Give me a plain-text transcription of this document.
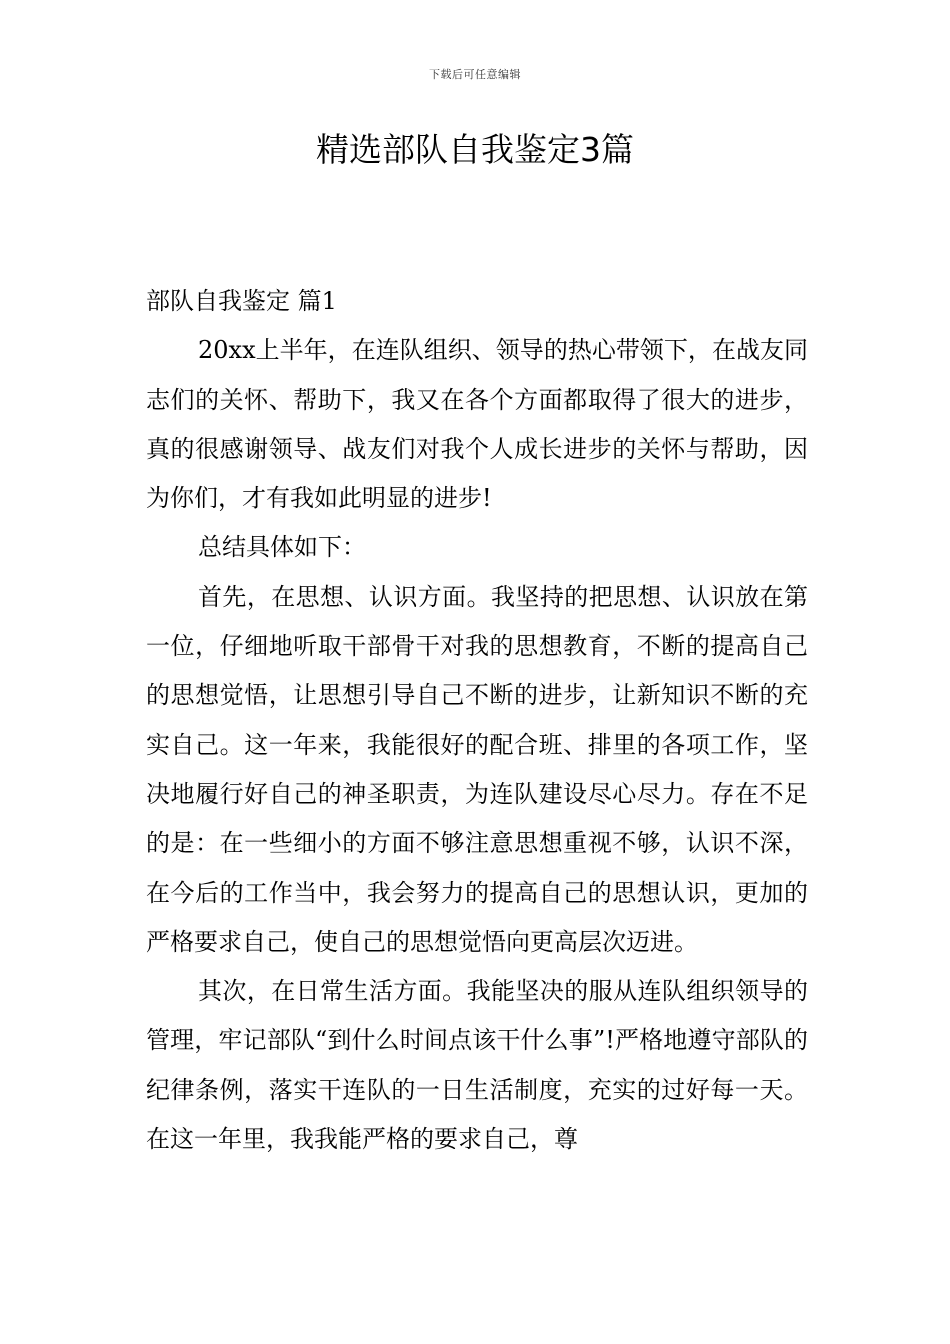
下载后可任意编辑
精选部队自我鉴定3篇

部队自我鉴定 篇1

20xx上半年，在连队组织、领导的热心带领下，在战友同志们的关怀、帮助下，我又在各个方面都取得了很大的进步，真的很感谢领导、战友们对我个人成长进步的关怀与帮助，因为你们，才有我如此明显的进步!

总结具体如下：

首先，在思想、认识方面。我坚持的把思想、认识放在第一位，仔细地听取干部骨干对我的思想教育，不断的提高自己的思想觉悟，让思想引导自己不断的进步，让新知识不断的充实自己。这一年来，我能很好的配合班、排里的各项工作，坚决地履行好自己的神圣职责，为连队建设尽心尽力。存在不足的是：在一些细小的方面不够注意思想重视不够，认识不深，在今后的工作当中，我会努力的提高自己的思想认识，更加的严格要求自己，使自己的思想觉悟向更高层次迈进。

其次，在日常生活方面。我能坚决的服从连队组织领导的管理，牢记部队“到什么时间点该干什么事”!严格地遵守部队的纪律条例，落实干连队的一日生活制度，充实的过好每一天。在这一年里，我我能严格的要求自己，尊
